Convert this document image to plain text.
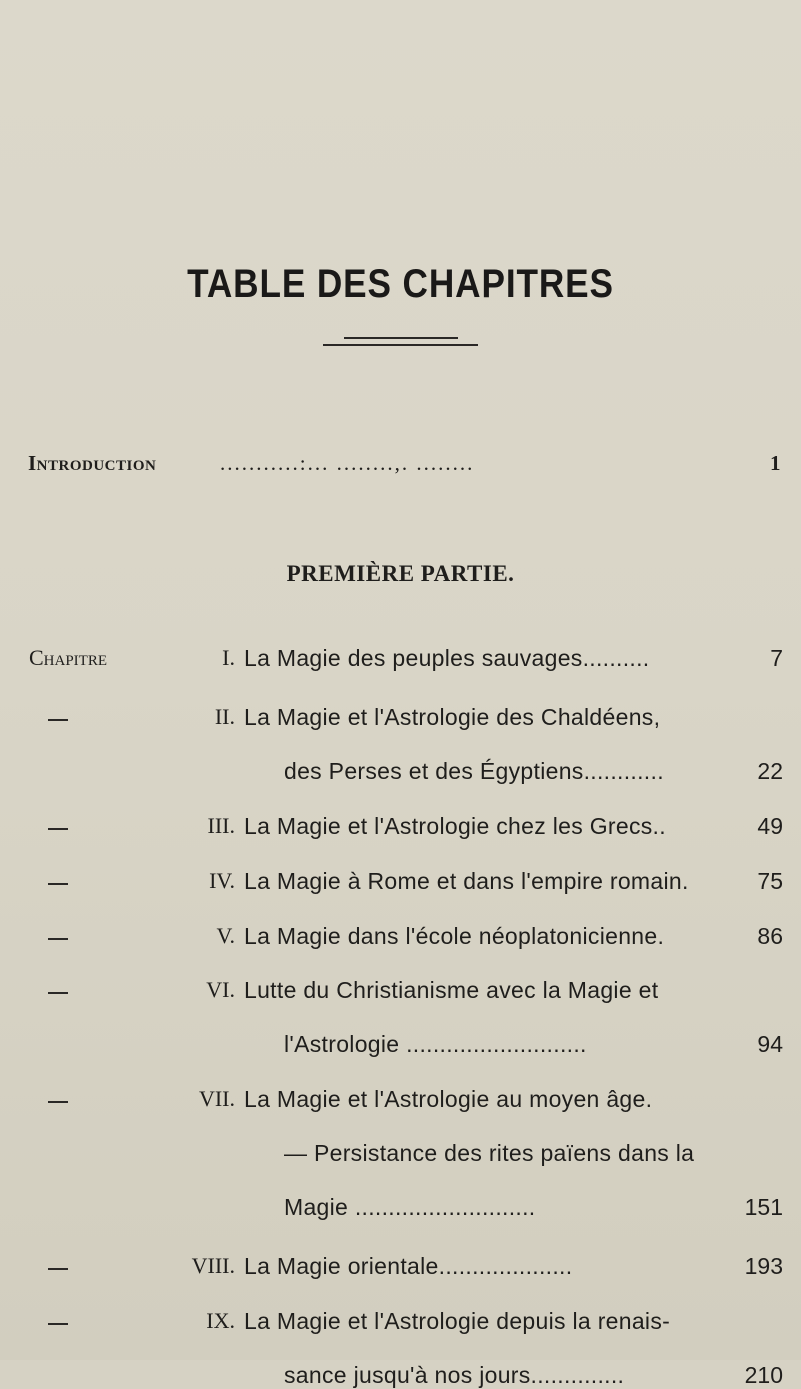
TABLE DES CHAPITRES
Introduction	...........:... ........,. ........	1
PREMIÈRE PARTIE.
Chapitre	I. La Magie des peuples sauvages..........	7
II. La Magie et l'Astrologie des Chaldéens,
des Perses et des Égyptiens............	22
III. La Magie et l'Astrologie chez les Grecs..	49
IV. La Magie à Rome et dans l'empire romain.	75
V. La Magie dans l'école néoplatonicienne.	86
VI. Lutte du Christianisme avec la Magie et
l'Astrologie ...........................	94
VII. La Magie et l'Astrologie au moyen âge.
— Persistance des rites païens dans la
Magie ...........................	151
VIII. La Magie orientale....................	193
IX. La Magie et l'Astrologie depuis la renais-
sance jusqu'à nos jours..............	210
